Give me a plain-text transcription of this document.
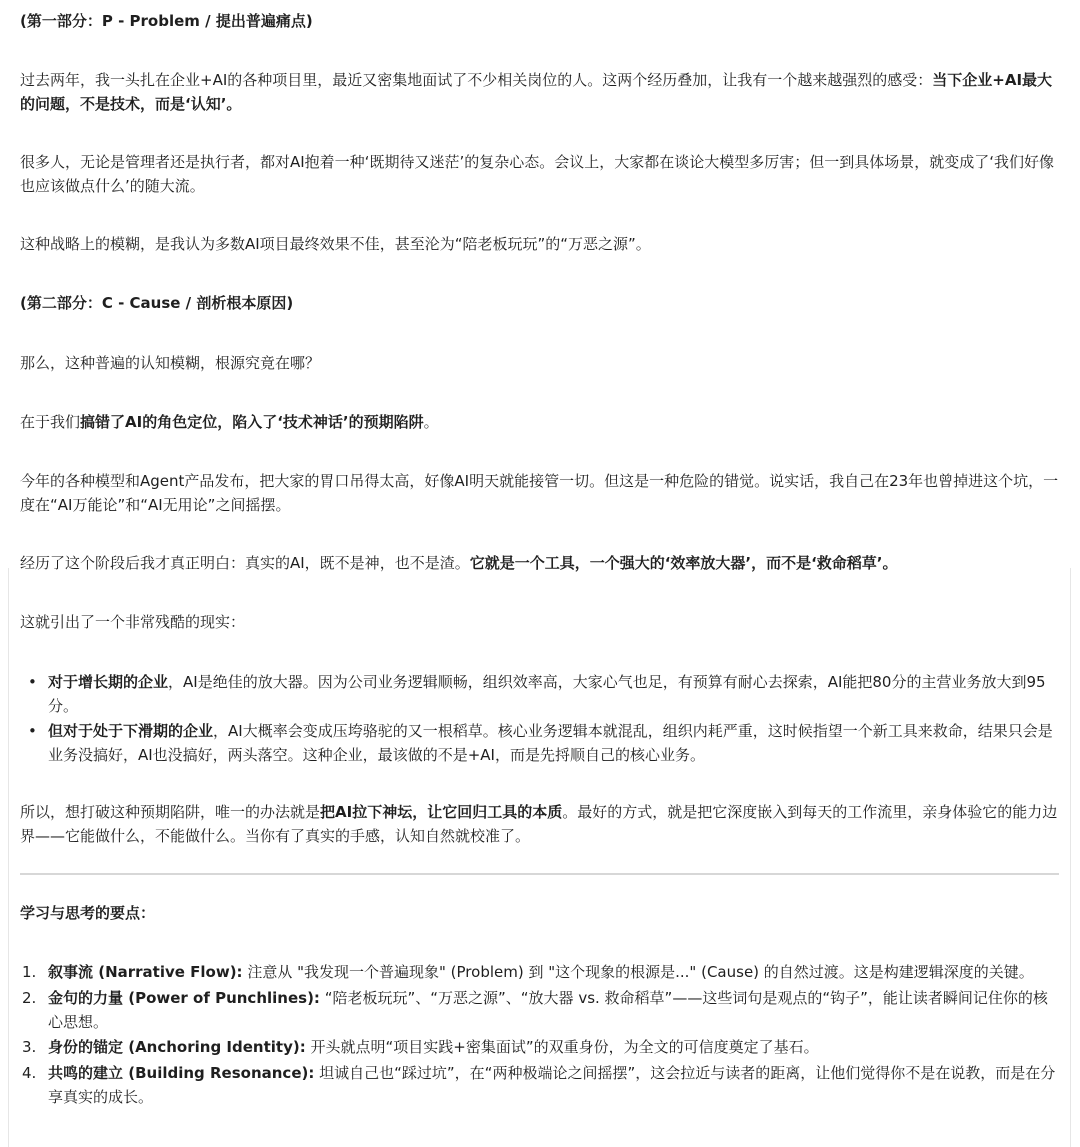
(第一部分：P - Problem / 提出普遍痛点)

过去两年，我一头扎在企业+AI的各种项目里，最近又密集地面试了不少相关岗位的人。这两个经历叠加，让我有一个越来越强烈的感受：当下企业+AI最大的问题，不是技术，而是‘认知’。

很多人，无论是管理者还是执行者，都对AI抱着一种‘既期待又迷茫’的复杂心态。会议上，大家都在谈论大模型多厉害；但一到具体场景，就变成了‘我们好像也应该做点什么’的随大流。

这种战略上的模糊，是我认为多数AI项目最终效果不佳，甚至沦为“陪老板玩玩”的“万恶之源”。

(第二部分：C - Cause / 剖析根本原因)

那么，这种普遍的认知模糊，根源究竟在哪？

在于我们搞错了AI的角色定位，陷入了‘技术神话’的预期陷阱。

今年的各种模型和Agent产品发布，把大家的胃口吊得太高，好像AI明天就能接管一切。但这是一种危险的错觉。说实话，我自己在23年也曾掉进这个坑，一度在“AI万能论”和“AI无用论”之间摇摆。

经历了这个阶段后我才真正明白：真实的AI，既不是神，也不是渣。它就是一个工具，一个强大的‘效率放大器’，而不是‘救命稻草’。

这就引出了一个非常残酷的现实：

• 对于增长期的企业，AI是绝佳的放大器。因为公司业务逻辑顺畅，组织效率高，大家心气也足，有预算有耐心去探索，AI能把80分的主营业务放大到95分。

• 但对于处于下滑期的企业，AI大概率会变成压垮骆驼的又一根稻草。核心业务逻辑本就混乱，组织内耗严重，这时候指望一个新工具来救命，结果只会是业务没搞好，AI也没搞好，两头落空。这种企业，最该做的不是+AI，而是先捋顺自己的核心业务。

所以，想打破这种预期陷阱，唯一的办法就是把AI拉下神坛，让它回归工具的本质。最好的方式，就是把它深度嵌入到每天的工作流里，亲身体验它的能力边界——它能做什么，不能做什么。当你有了真实的手感，认知自然就校准了。

学习与思考的要点：

1. 叙事流 (Narrative Flow): 注意从 "我发现一个普遍现象" (Problem) 到 "这个现象的根源是..." (Cause) 的自然过渡。这是构建逻辑深度的关键。

2. 金句的力量 (Power of Punchlines): “陪老板玩玩”、“万恶之源”、“放大器 vs. 救命稻草”——这些词句是观点的“钩子”，能让读者瞬间记住你的核心思想。

3. 身份的锚定 (Anchoring Identity): 开头就点明“项目实践+密集面试”的双重身份，为全文的可信度奠定了基石。

4. 共鸣的建立 (Building Resonance): 坦诚自己也“踩过坑”，在“两种极端论之间摇摆”，这会拉近与读者的距离，让他们觉得你不是在说教，而是在分享真实的成长。
